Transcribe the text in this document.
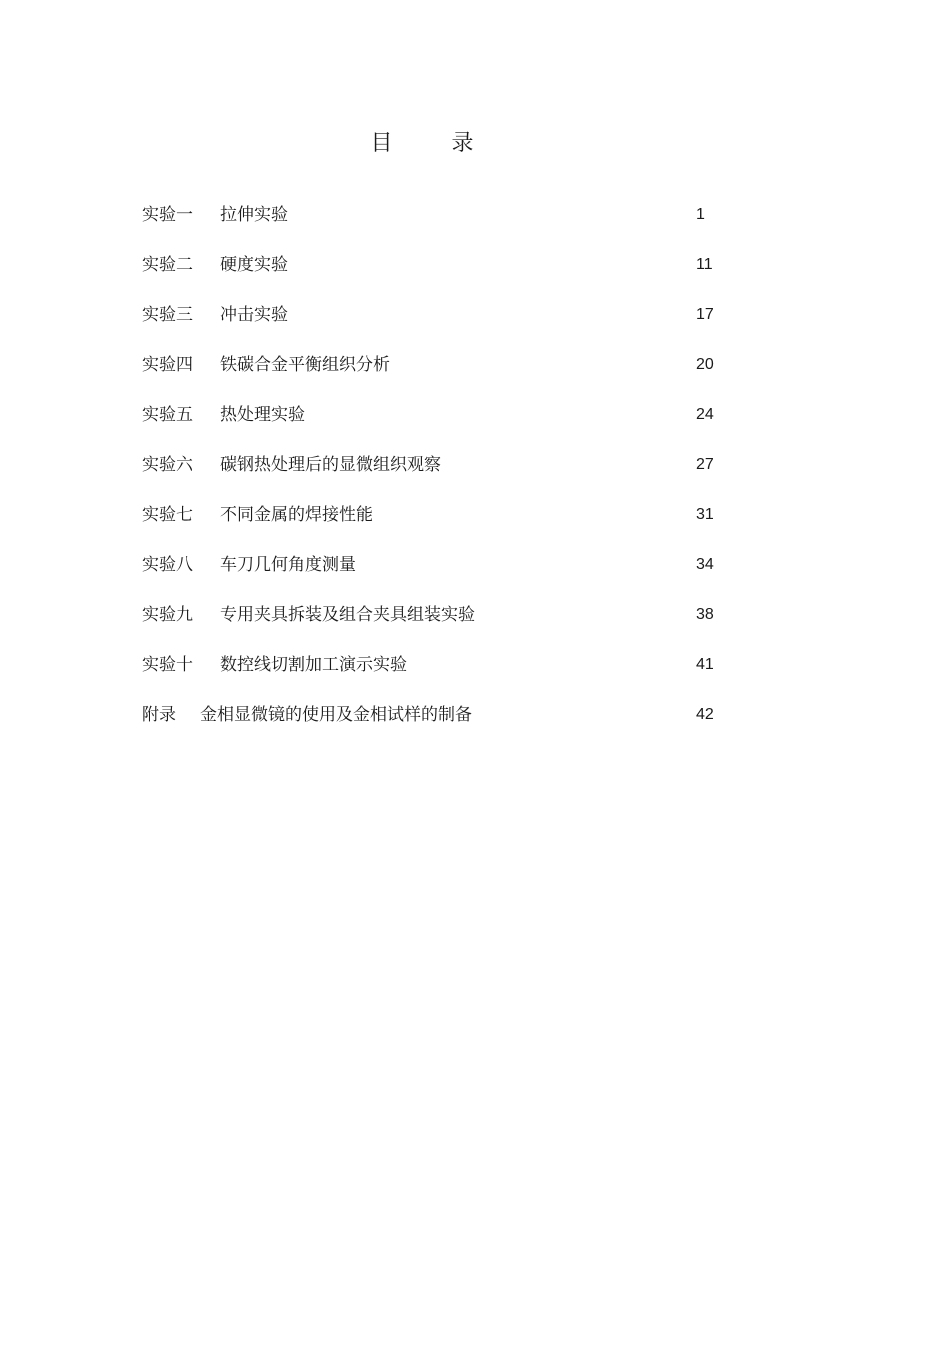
目 录
实验一	拉伸实验	1
实验二	硬度实验	11
实验三	冲击实验	17
实验四	铁碳合金平衡组织分析	20
实验五	热处理实验	24
实验六	碳钢热处理后的显微组织观察	27
实验七	不同金属的焊接性能	31
实验八	车刀几何角度测量	34
实验九	专用夹具拆装及组合夹具组装实验	38
实验十	数控线切割加工演示实验	41
附录	金相显微镜的使用及金相试样的制备	42
